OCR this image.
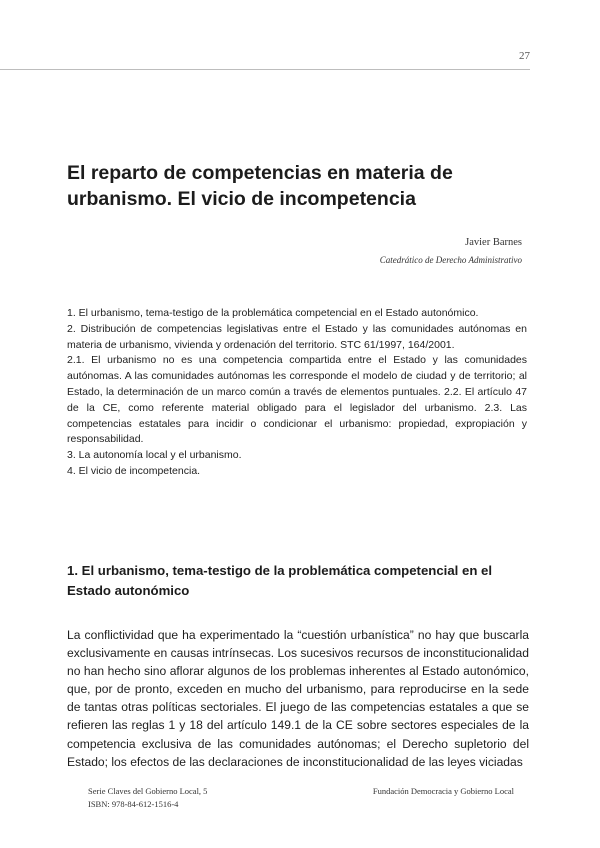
27
El reparto de competencias en materia de urbanismo. El vicio de incompetencia
Javier Barnes
Catedrático de Derecho Administrativo
1. El urbanismo, tema-testigo de la problemática competencial en el Estado autonómico.
2. Distribución de competencias legislativas entre el Estado y las comunidades autónomas en materia de urbanismo, vivienda y ordenación del territorio. STC 61/1997, 164/2001.
2.1. El urbanismo no es una competencia compartida entre el Estado y las comunidades autónomas. A las comunidades autónomas les corresponde el modelo de ciudad y de territorio; al Estado, la determinación de un marco común a través de elementos puntuales. 2.2. El artículo 47 de la CE, como referente material obligado para el legislador del urbanismo. 2.3. Las competencias estatales para incidir o condicionar el urbanismo: propiedad, expropiación y responsabilidad.
3. La autonomía local y el urbanismo.
4. El vicio de incompetencia.
1. El urbanismo, tema-testigo de la problemática competencial en el Estado autonómico

La conflictividad que ha experimentado la “cuestión urbanística” no hay que buscarla exclusivamente en causas intrínsecas. Los sucesivos recursos de inconstitucionalidad no han hecho sino aflorar algunos de los problemas inherentes al Estado autonómico, que, por de pronto, exceden en mucho del urbanismo, para reproducirse en la sede de tantas otras políticas sectoriales. El juego de las competencias estatales a que se refieren las reglas 1 y 18 del artículo 149.1 de la CE sobre sectores especiales de la competencia exclusiva de las comunidades autónomas; el Derecho supletorio del Estado; los efectos de las declaraciones de inconstitucionalidad de las leyes viciadas

Serie Claves del Gobierno Local, 5
ISBN: 978-84-612-1516-4
Fundación Democracia y Gobierno Local
